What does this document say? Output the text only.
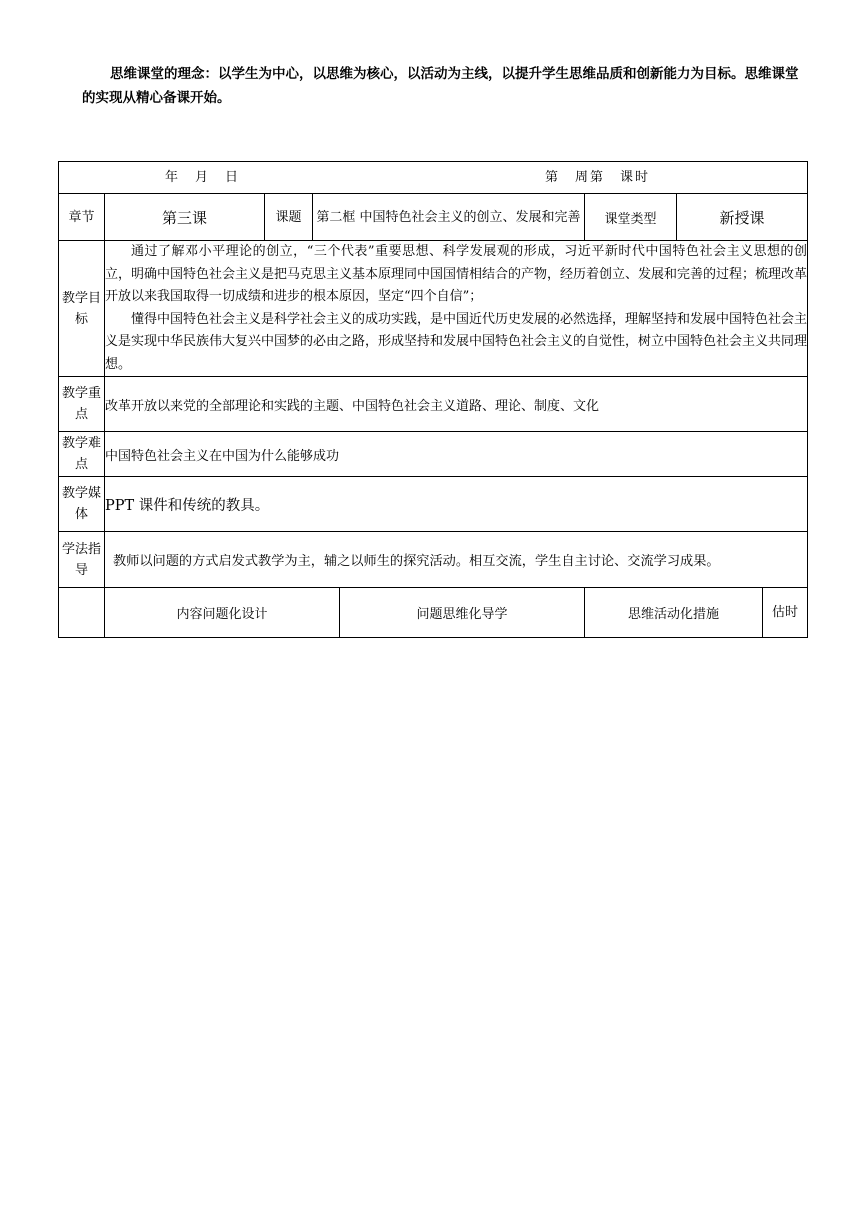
思维课堂的理念：以学生为中心，以思维为核心，以活动为主线，以提升学生思维品质和创新能力为目标。思维课堂的实现从精心备课开始。
年　月　日 第　周第　课时							

章节	第三课	课题	第二框 中国特色社会主义的创立、发展和完善		课堂类型	新授课	
教学目标	通过了解邓小平理论的创立，“三个代表”重要思想、科学发展观的形成，习近平新时代中国特色社会主义思想的创立，明确中国特色社会主义是把马克思主义基本原理同中国国情相结合的产物，经历着创立、发展和完善的过程；梳理改革开放以来我国取得一切成绩和进步的根本原因，坚定“四个自信”；

懂得中国特色社会主义是科学社会主义的成功实践，是中国近代历史发展的必然选择，理解坚持和发展中国特色社会主义是实现中华民族伟大复兴中国梦的必由之路，形成坚持和发展中国特色社会主义的自觉性，树立中国特色社会主义共同理想。						

教学重点	改革开放以来党的全部理论和实践的主题、中国特色社会主义道路、理论、制度、文化						
教学难点	中国特色社会主义在中国为什么能够成功						
教学媒体	PPT 课件和传统的教具。						
学法指导	教师以问题的方式启发式教学为主，辅之以师生的探究活动。相互交流，学生自主讨论、交流学习成果。						
	内容问题化设计			问题思维化导学	思维活动化措施		估时
